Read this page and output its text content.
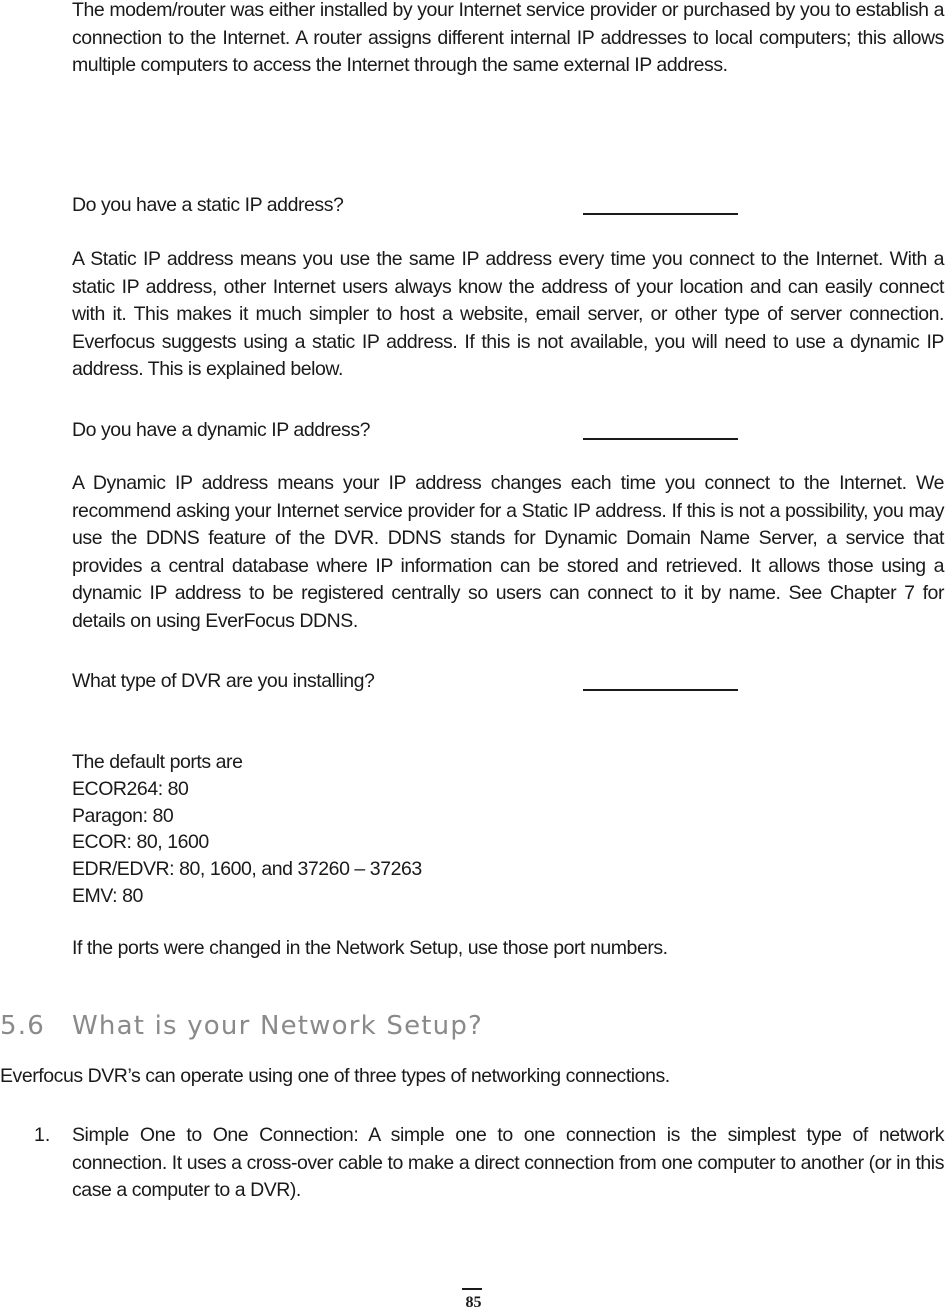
The modem/router was either installed by your Internet service provider or purchased by you to establish a connection to the Internet. A router assigns different internal IP addresses to local computers; this allows multiple computers to access the Internet through the same external IP address.

Do you have a static IP address?

A Static IP address means you use the same IP address every time you connect to the Internet. With a static IP address, other Internet users always know the address of your location and can easily connect with it. This makes it much simpler to host a website, email server, or other type of server connection. Everfocus suggests using a static IP address. If this is not available, you will need to use a dynamic IP address. This is explained below.

Do you have a dynamic IP address?

A Dynamic IP address means your IP address changes each time you connect to the Internet. We recommend asking your Internet service provider for a Static IP address. If this is not a possibility, you may use the DDNS feature of the DVR. DDNS stands for Dynamic Domain Name Server, a service that provides a central database where IP information can be stored and retrieved. It allows those using a dynamic IP address to be registered centrally so users can connect to it by name. See Chapter 7 for details on using EverFocus DDNS.

What type of DVR are you installing?
The default ports are
ECOR264: 80
Paragon: 80
ECOR: 80, 1600
EDR/EDVR: 80, 1600, and 37260 – 37263
EMV: 80

If the ports were changed in the Network Setup, use those port numbers.

5.6 What is your Network Setup?
Everfocus DVR’s can operate using one of three types of networking connections.
1. Simple One to One Connection: A simple one to one connection is the simplest type of network connection. It uses a cross-over cable to make a direct connection from one computer to another (or in this case a computer to a DVR).

85
